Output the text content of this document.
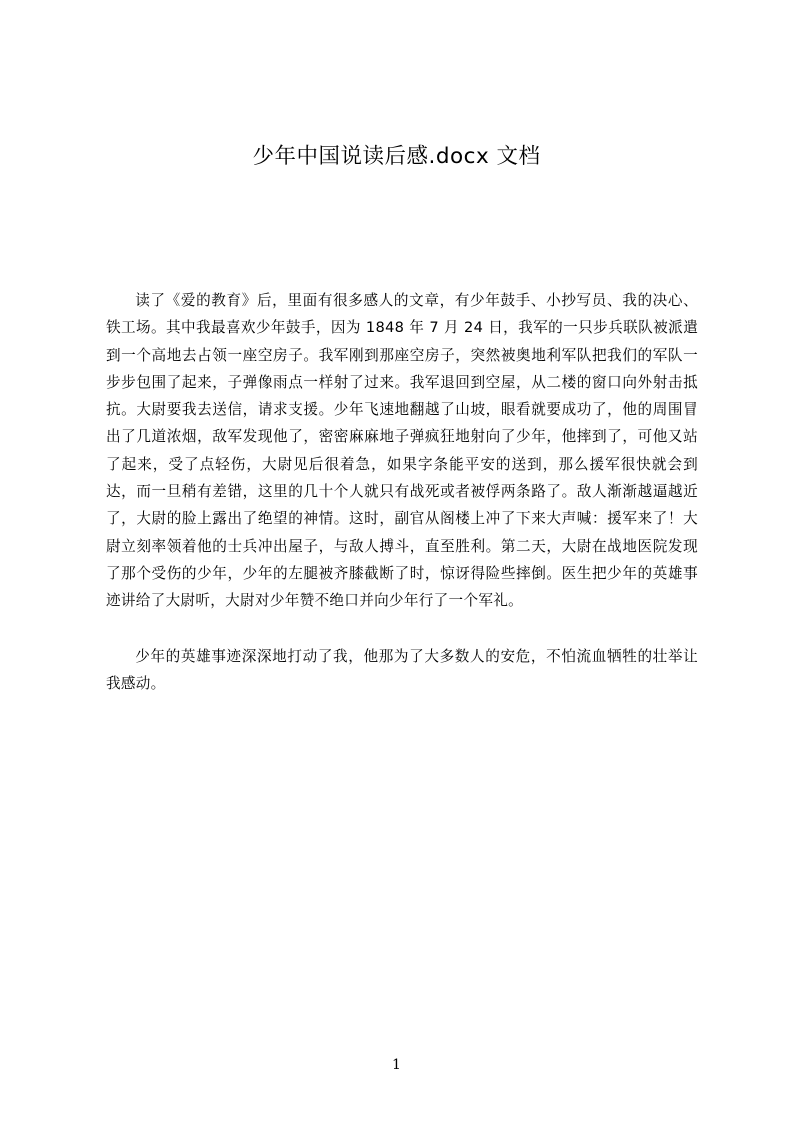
少年中国说读后感.docx 文档

读了《爱的教育》后，里面有很多感人的文章，有少年鼓手、小抄写员、我的决心、铁工场。其中我最喜欢少年鼓手，因为 1848 年 7 月 24 日，我军的一只步兵联队被派遣到一个高地去占领一座空房子。我军刚到那座空房子，突然被奥地利军队把我们的军队一步步包围了起来，子弹像雨点一样射了过来。我军退回到空屋，从二楼的窗口向外射击抵抗。大尉要我去送信，请求支援。少年飞速地翻越了山坡，眼看就要成功了，他的周围冒出了几道浓烟，敌军发现他了，密密麻麻地子弹疯狂地射向了少年，他摔到了，可他又站了起来，受了点轻伤，大尉见后很着急，如果字条能平安的送到，那么援军很快就会到达，而一旦稍有差错，这里的几十个人就只有战死或者被俘两条路了。敌人渐渐越逼越近了，大尉的脸上露出了绝望的神情。这时，副官从阁楼上冲了下来大声喊：援军来了！大尉立刻率领着他的士兵冲出屋子，与敌人搏斗，直至胜利。第二天，大尉在战地医院发现了那个受伤的少年，少年的左腿被齐膝截断了时，惊讶得险些摔倒。医生把少年的英雄事迹讲给了大尉听，大尉对少年赞不绝口并向少年行了一个军礼。

少年的英雄事迹深深地打动了我，他那为了大多数人的安危，不怕流血牺牲的壮举让我感动。

1
